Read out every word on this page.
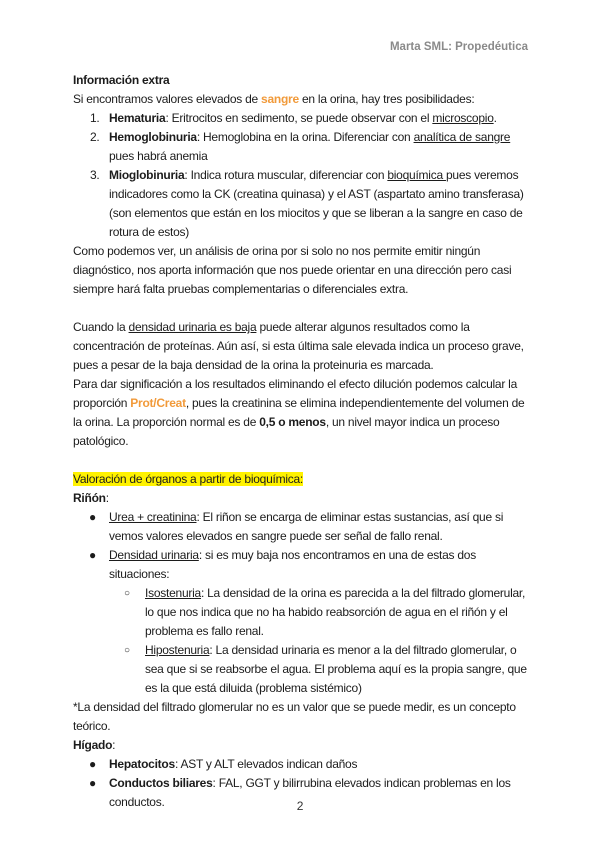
Marta SML: Propedéutica

Información extra

Si encontramos valores elevados de sangre en la orina, hay tres posibilidades:

1. Hematuria: Eritrocitos en sedimento, se puede observar con el microscopio.
2. Hemoglobinuria: Hemoglobina en la orina. Diferenciar con analítica de sangre pues habrá anemia
3. Mioglobinuria: Indica rotura muscular, diferenciar con bioquímica pues veremos indicadores como la CK (creatina quinasa) y el AST (aspartato amino transferasa) (son elementos que están en los miocitos y que se liberan a la sangre en caso de rotura de estos)

Como podemos ver, un análisis de orina por si solo no nos permite emitir ningún diagnóstico, nos aporta información que nos puede orientar en una dirección pero casi siempre hará falta pruebas complementarias o diferenciales extra.

Cuando la densidad urinaria es baja puede alterar algunos resultados como la concentración de proteínas. Aún así, si esta última sale elevada indica un proceso grave, pues a pesar de la baja densidad de la orina la proteinuria es marcada.

Para dar significación a los resultados eliminando el efecto dilución podemos calcular la proporción Prot/Creat, pues la creatinina se elimina independientemente del volumen de la orina. La proporción normal es de 0,5 o menos, un nivel mayor indica un proceso patológico.

Valoración de órganos a partir de bioquímica:

Riñón:

● Urea + creatinina: El riñon se encarga de eliminar estas sustancias, así que si vemos valores elevados en sangre puede ser señal de fallo renal.
● Densidad urinaria: si es muy baja nos encontramos en una de estas dos situaciones:
○ Isostenuria: La densidad de la orina es parecida a la del filtrado glomerular, lo que nos indica que no ha habido reabsorción de agua en el riñón y el problema es fallo renal.
○ Hipostenuria: La densidad urinaria es menor a la del filtrado glomerular, o sea que si se reabsorbe el agua. El problema aquí es la propia sangre, que es la que está diluida (problema sistémico)

*La densidad del filtrado glomerular no es un valor que se puede medir, es un concepto teórico.

Hígado:

● Hepatocitos: AST y ALT elevados indican daños
● Conductos biliares: FAL, GGT y bilirrubina elevados indican problemas en los conductos.	2
